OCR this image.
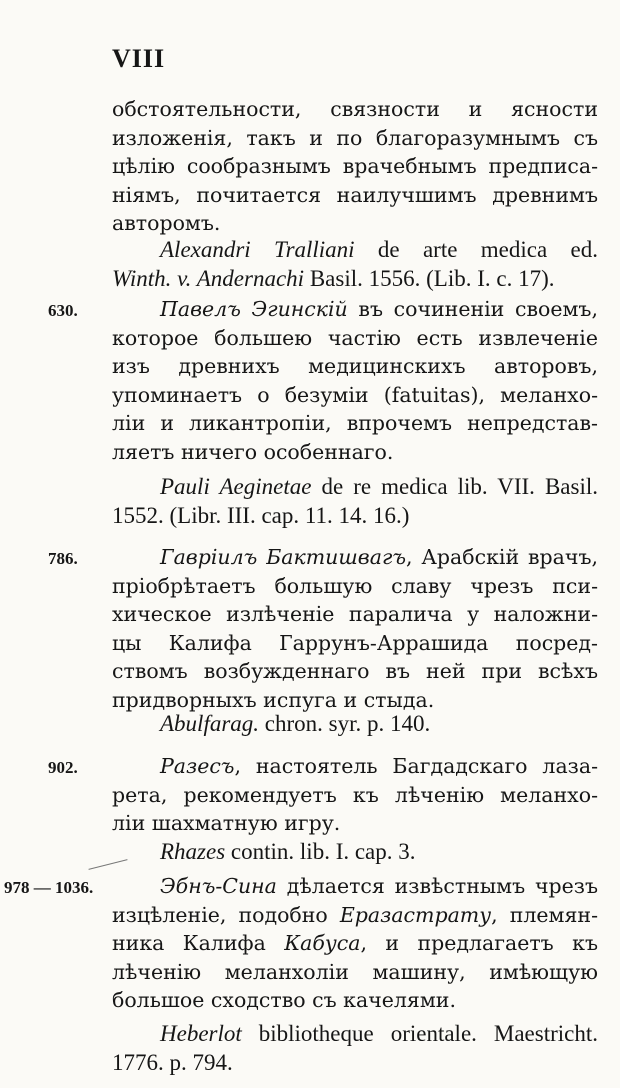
VIII
обстоятельности, связности и ясности
изложенія, такъ и по благоразумнымъ съ
цѣлію сообразнымъ врачебнымъ предписа-
ніямъ, почитается наилучшимъ древнимъ
авторомъ.
Alexandri Tralliani de arte medica ed.
Winth. v. Andernachi Basil. 1556. (Lib. I. c. 17).
630.	Павелъ Эгинскій въ сочиненіи своемъ,
которое большею частію есть извлеченіе
изъ древнихъ медицинскихъ авторовъ,
упоминаетъ о безуміи (fatuitas), меланхо-
ліи и ликантропіи, впрочемъ непредстав-
ляетъ ничего особеннаго.
Pauli Aeginetae de re medica lib. VII. Basil.
1552. (Libr. III. cap. 11. 14. 16.)
786.	Гавріилъ Бактишвагъ, Арабскій врачъ,
пріобрѣтаетъ большую славу чрезъ пси-
хическое излѣченіе паралича у наложни-
цы Калифа Гаррунъ-Аррашида посред-
ствомъ возбужденнаго въ ней при всѣхъ
придворныхъ испуга и стыда.
Abulfarag. chron. syr. p. 140.
902.	Разесъ, настоятель Багдадскаго лаза-
рета, рекомендуетъ къ лѣченію меланхо-
ліи шахматную игру.
Rhazes contin. lib. I. cap. 3.
978 — 1036.	Эбнъ-Сина дѣлается извѣстнымъ чрезъ
изцѣленіе, подобно Еразастрату, племян-
ника Калифа Кабуса, и предлагаетъ къ
лѣченію меланхоліи машину, имѣющую
большое сходство съ качелями.
Heberlot bibliotheque orientale. Maestricht.
1776. p. 794.
